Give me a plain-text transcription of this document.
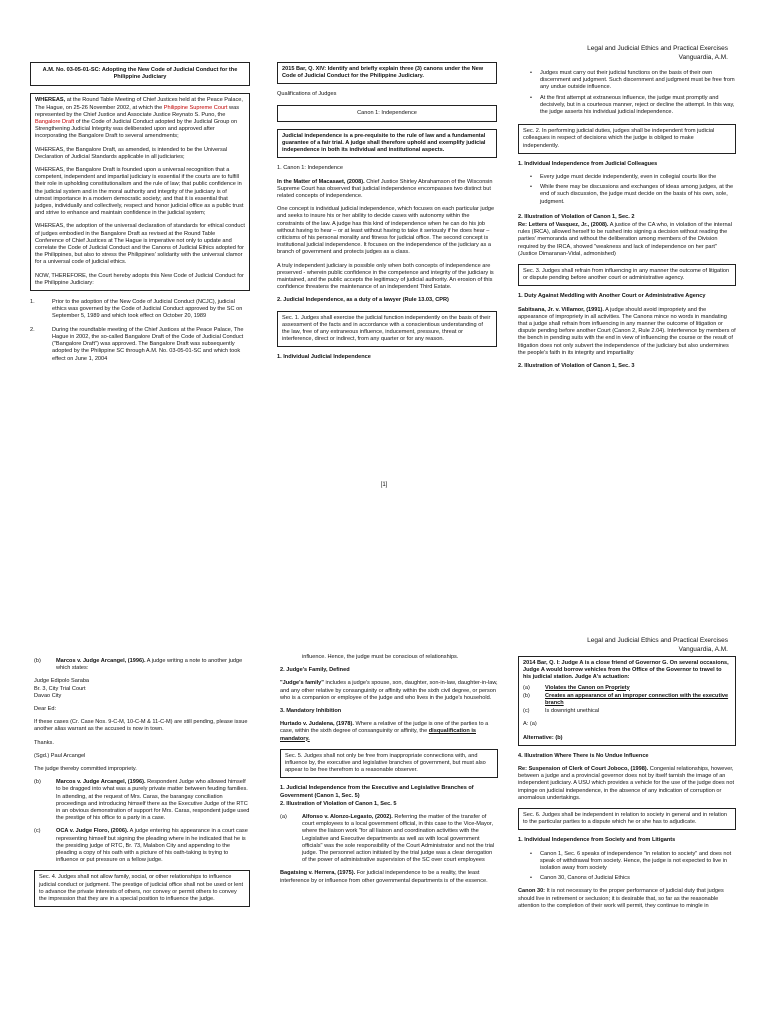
Legal and Judicial Ethics and Practical Exercises
Vanguardia, A.M.
A.M. No. 03-05-01-SC: Adopting the New Code of Judicial Conduct for the Philippine Judiciary

WHEREAS, at the Round Table Meeting of Chief Justices held at the Peace Palace, The Hague, on 25-26 November 2002, at which the Philippine Supreme Court was represented by the Chief Justice and Associate Justice Reynato S. Puno, the Bangalore Draft of the Code of Judicial Conduct adopted by the Judicial Group on Strengthening Judicial Integrity was deliberated upon and approved after incorporating the Bangalore Draft to several amendments;

WHEREAS, the Bangalore Draft, as amended, is intended to be the Universal Declaration of Judicial Standards applicable in all judiciaries;

WHEREAS, the Bangalore Draft is founded upon a universal recognition that a competent, independent and impartial judiciary is essential if the courts are to fulfill their role in upholding constitutionalism and the rule of law; that public confidence in the judicial system and in the moral authority and integrity of the judiciary is of utmost importance in a modern democratic society; and that it is essential that judges, individually and collectively, respect and honor judicial office as a public trust and strive to enhance and maintain confidence in the judicial system;

WHEREAS, the adoption of the universal declaration of standards for ethical conduct of judges embodied in the Bangalore Draft as revised at the Round Table Conference of Chief Justices at The Hague is imperative not only to update and correlate the Code of Judicial Conduct and the Canons of Judicial Ethics adopted for the Philippines, but also to stress the Philippines' solidarity with the universal clamor for a universal code of judicial ethics.

NOW, THEREFORE, the Court hereby adopts this New Code of Judicial Conduct for the Philippine Judiciary:

1.	Prior to the adoption of the New Code of Judicial Conduct (NCJC), judicial ethics was governed by the Code of Judicial Conduct approved by the SC on September 5, 1989 and which took effect on October 20, 1989
2.	During the roundtable meeting of the Chief Justices at the Peace Palace, The Hague in 2002, the so-called Bangalore Draft of the Code of Judicial Conduct ("Bangalore Draft") was approved. The Bangalore Draft was subsequently adopted by the Philippine SC through A.M. No. 03-05-01-SC and which took effect on June 1, 2004
2015 Bar, Q. XIV: Identify and briefly explain three (3) canons under the New Code of Judicial Conduct for the Philippine Judiciary.

Qualifications of Judges

Canon 1: Independence
Judicial independence is a pre-requisite to the rule of law and a fundamental guarantee of a fair trial. A judge shall therefore uphold and exemplify judicial independence in both its individual and institutional aspects.

1. Canon 1: Independence

In the Matter of Macasaet, (2008). Chief Justice Shirley Abrahamson of the Wisconsin Supreme Court has observed that judicial independence encompasses two distinct but related concepts of independence.

One concept is individual judicial independence, which focuses on each particular judge and seeks to insure his or her ability to decide cases with autonomy within the constraints of the law. A judge has this kind of independence when he can do his job without having to hear – or at least without having to take it seriously if he does hear – criticisms of his personal morality and fitness for judicial office. The second concept is institutional judicial independence. It focuses on the independence of the judiciary as a branch of government and protects judges as a class.

A truly independent judiciary is possible only when both concepts of independence are preserved - wherein public confidence in the competence and integrity of the judiciary is maintained, and the public accepts the legitimacy of judicial authority. An erosion of this confidence threatens the maintenance of an independent Third Estate.

2. Judicial Independence, as a duty of a lawyer (Rule 13.03, CPR)

Sec. 1. Judges shall exercise the judicial function independently on the basis of their assessment of the facts and in accordance with a conscientious understanding of the law, free of any extraneous influence, inducement, pressure, threat or interference, direct or indirect, from any quarter or for any reason.

1. Individual Judicial Independence

•	Judges must carry out their judicial functions on the basis of their own discernment and judgment. Such discernment and judgment must be free from any undue outside influence.
•	At the first attempt at extraneous influence, the judge must promptly and decisively, but in a courteous manner, reject or decline the attempt. In this way, the judge asserts his individual judicial independence.
Sec. 2. In performing judicial duties, judges shall be independent from judicial colleagues in respect of decisions which the judge is obliged to make independently.

1. Individual Independence from Judicial Colleagues

•	Every judge must decide independently, even in collegial courts like the
•	While there may be discussions and exchanges of ideas among judges, at the end of such discussion, the judge must decide on the basis of his own, sole, judgment.

2. Illustration of Violation of Canon 1, Sec. 2

Re: Letters of Vasquez, Jr., (2008). A justice of the CA who, in violation of the internal rules (IRCA), allowed herself to be rushed into signing a decision without reading the parties' memoranda and without the deliberation among members of the Division required by the IRCA, showed "weakness and lack of independence on her part" (Justice Dimaranan-Vidal, admonished)

Sec. 3. Judges shall refrain from influencing in any manner the outcome of litigation or dispute pending before another court or administrative agency.

1. Duty Against Meddling with Another Court or Administrative Agency

Sabitsana, Jr. v. Villamor, (1991). A judge should avoid impropriety and the appearance of impropriety in all activities. The Canons mince no words in mandating that a judge shall refrain from influencing in any manner the outcome of litigation or dispute pending before another Court (Canon 2, Rule 2.04). Interference by members of the bench in pending suits with the end in view of influencing the course or the result of litigation does not only subvert the independence of the judiciary but also undermines the people's faith in its integrity and impartiality

2. Illustration of Violation of Canon 1, Sec. 3

[1]
Legal and Judicial Ethics and Practical Exercises
Vanguardia, A.M.
(b)	Marcos v. Judge Arcangel, (1996). A judge writing a note to another judge which states:

Judge Edipolo Saraba
Br. 3, City Trial Court
Davao City

Dear Ed:

If these cases (Cr. Case Nos. 9-C-M, 10-C-M & 11-C-M) are still pending, please issue another alias warrant as the accused is now in town.

Thanks.

(Sgd.) Paul Arcangel

The judge thereby committed impropriety.

(b)	Marcos v. Judge Arcangel, (1996). Respondent Judge who allowed himself to be dragged into what was a purely private matter between feuding families. In attending, at the request of Mrs. Caras, the barangay conciliation proceedings and introducing himself there as the Executive Judge of the RTC in an obvious demonstration of support for Mrs. Caras, respondent judge used the prestige of his office to a party in a case.
(c)	OCA v. Judge Floro, (2006). A judge entering his appearance in a court case representing himself but signing the pleading where in he indicated that he is the presiding judge of RTC, Br. 73, Malabon City and appending to the pleading a copy of his oath with a picture of his oath-taking is trying to influence or put pressure on a fellow judge.
Sec. 4. Judges shall not allow family, social, or other relationships to influence judicial conduct or judgment. The prestige of judicial office shall not be used or lent to advance the private interests of others, nor convey or permit others to convey the impression that they are in a special position to influence the judge.

influence. Hence, the judge must be conscious of relationships.

2. Judge's Family, Defined

"Judge's family" includes a judge's spouse, son, daughter, son-in-law, daughter-in-law, and any other relative by consanguinity or affinity within the sixth civil degree, or person who is a companion or employee of the judge and who lives in the judge's household.

3. Mandatory Inhibition

Hurtado v. Judalena, (1978). Where a relative of the judge is one of the parties to a case, within the sixth degree of consanguinity or affinity, the disqualification is mandatory.

Sec. 5. Judges shall not only be free from inappropriate connections with, and influence by, the executive and legislative branches of government, but must also appear to be free therefrom to a reasonable observer.

1. Judicial Independence from the Executive and Legislative Branches of Government (Canon 1, Sec. 5)

2. Illustration of Violation of Canon 1, Sec. 5

(a)	Alfonso v. Alonzo-Legasto, (2002). Referring the matter of the transfer of court employees to a local government official, in this case to the Vice-Mayor, where the liaison work "for all liaison and coordination activities with the Legislative and Executive departments as well as with local government officials" was the sole responsibility of the Court Administrator and not the trial judge. The personnel action initiated by the trial judge was a clear derogation of the power of administrative supervision of the SC over court employees

Bagatsing v. Herrera, (1975). For judicial independence to be a reality, the least interference by or influence from other governmental departments is of the essence.

2014 Bar, Q. I: Judge A is a close friend of Governor G. On several occasions, Judge A would borrow vehicles from the Office of the Governor to travel to his judicial station. Judge A's actuation:

(a)	Violates the Canon on Propriety
(b)	Creates an appearance of an improper connection with the executive branch
(c)	Is downright unethical

A: (a)

Alternative: (b)

4. Illustration Where There is No Undue Influence

Re: Suspension of Clerk of Court Joboco, (1998). Congenial relationships, however, between a judge and a provincial governor does not by itself tarnish the image of an independent judiciary. A USU which provides a vehicle for the use of the judge does not impinge on judicial independence, in the absence of any indication of corruption or anomalous undertakings.

Sec. 6. Judges shall be independent in relation to society in general and in relation to the particular parties to a dispute which he or she has to adjudicate.

1. Individual Independence from Society and from Litigants

•	Canon 1, Sec. 6 speaks of independence "in relation to society" and does not speak of withdrawal from society. Hence, the judge is not expected to live in isolation away from society
•	Canon 30, Canons of Judicial Ethics

Canon 30: It is not necessary to the proper performance of judicial duty that judges should live in retirement or seclusion; it is desirable that, so far as the reasonable attention to the completion of their work will permit, they continue to mingle in
